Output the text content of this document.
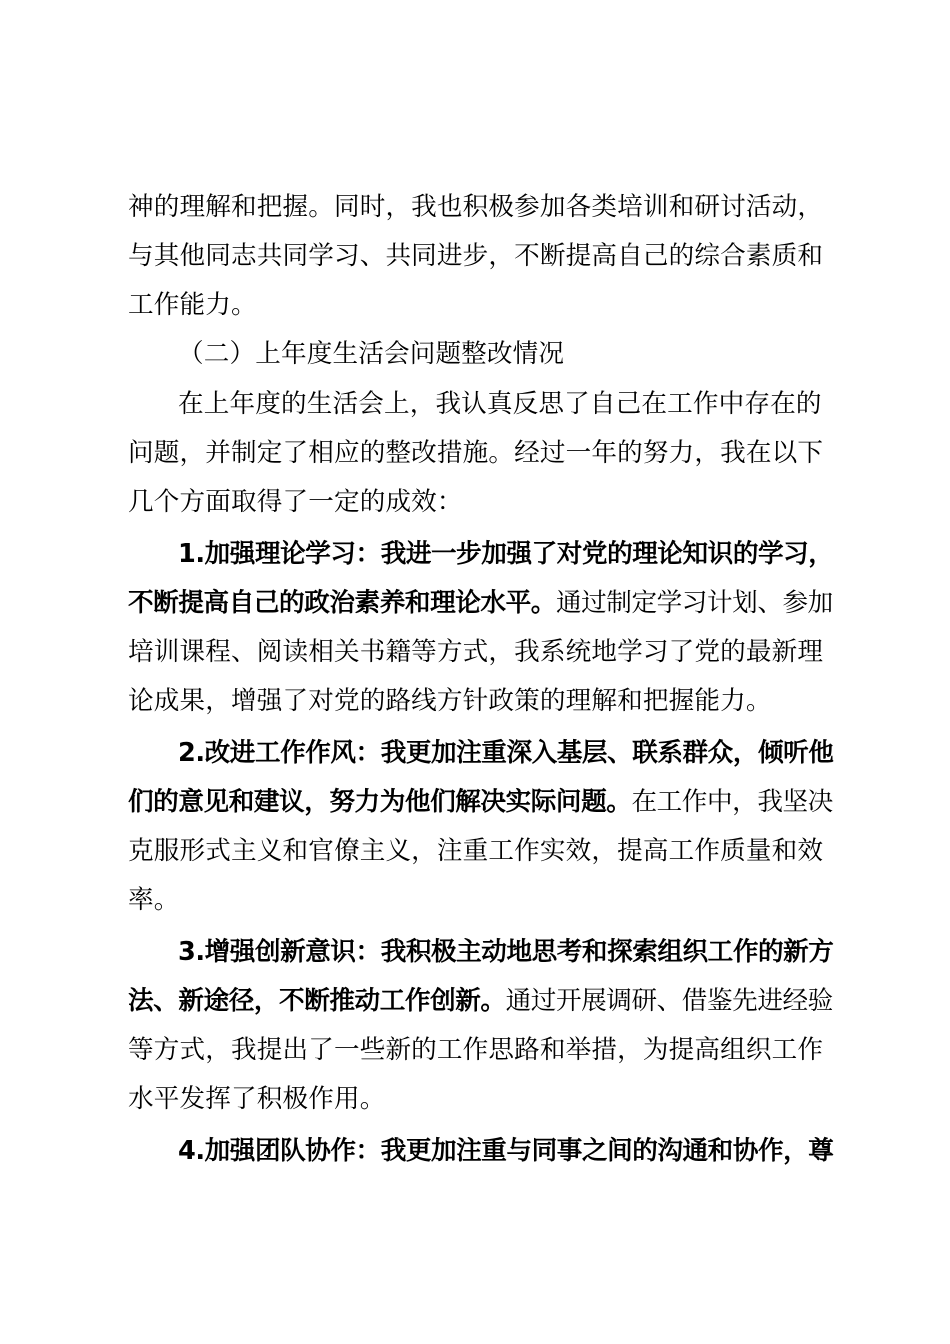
神的理解和把握。同时，我也积极参加各类培训和研讨活动，
与其他同志共同学习、共同进步，不断提高自己的综合素质和
工作能力。
（二）上年度生活会问题整改情况
在上年度的生活会上，我认真反思了自己在工作中存在的
问题，并制定了相应的整改措施。经过一年的努力，我在以下
几个方面取得了一定的成效：
1.加强理论学习：我进一步加强了对党的理论知识的学习，
不断提高自己的政治素养和理论水平。通过制定学习计划、参加
培训课程、阅读相关书籍等方式，我系统地学习了党的最新理
论成果，增强了对党的路线方针政策的理解和把握能力。
2.改进工作作风：我更加注重深入基层、联系群众，倾听他
们的意见和建议，努力为他们解决实际问题。在工作中，我坚决
克服形式主义和官僚主义，注重工作实效，提高工作质量和效
率。
3.增强创新意识：我积极主动地思考和探索组织工作的新方
法、新途径，不断推动工作创新。通过开展调研、借鉴先进经验
等方式，我提出了一些新的工作思路和举措，为提高组织工作
水平发挥了积极作用。
4.加强团队协作：我更加注重与同事之间的沟通和协作，尊
